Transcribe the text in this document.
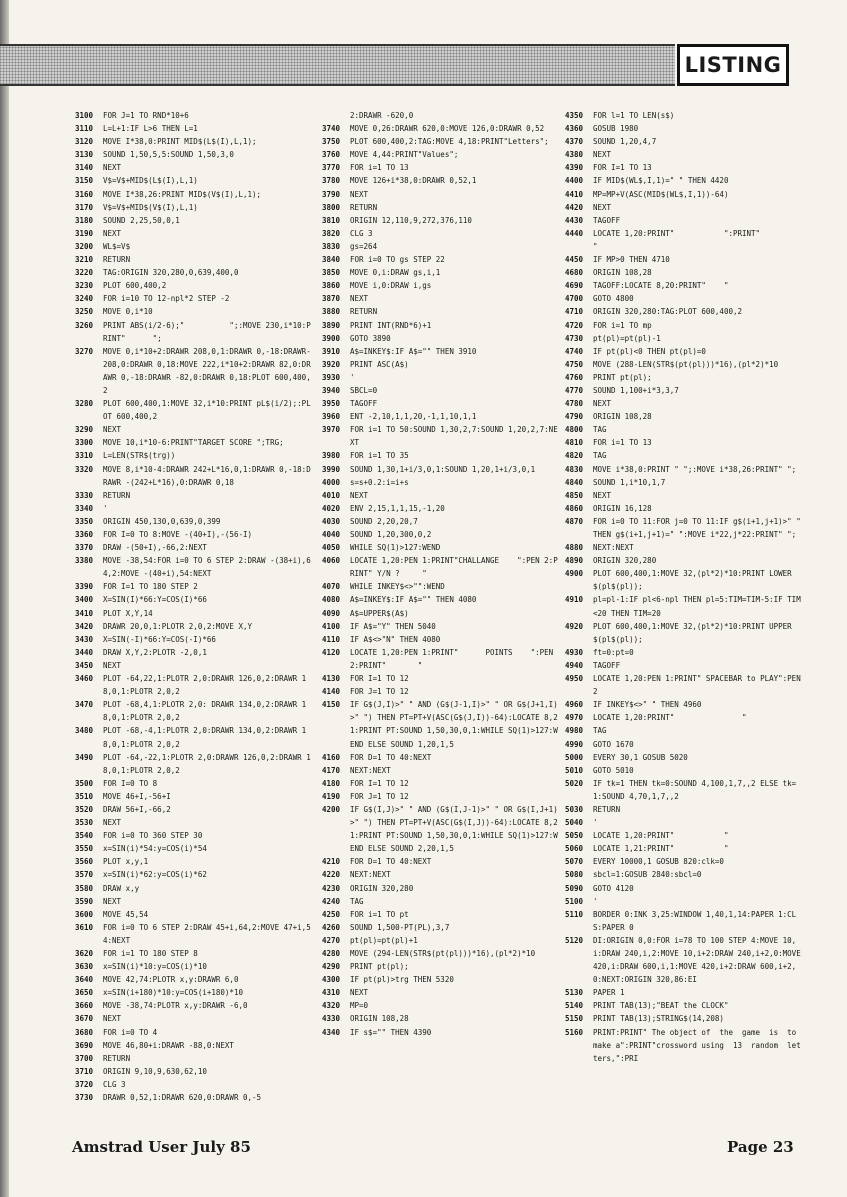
LISTING
3100	FOR J=1 TO RND*10+6
3110	L=L+1:IF L>6 THEN L=1
3120	MOVE I*38,0:PRINT MID$(L$(I),L,1);
3130	SOUND 1,50,5,5:SOUND 1,50,3,0
3140	NEXT
3150	V$=V$+MID$(L$(I),L,1)
3160	MOVE I*38,26:PRINT MID$(V$(I),L,1);
3170	V$=V$+MID$(V$(I),L,1)
3180	SOUND 2,25,50,0,1
3190	NEXT
3200	WL$=V$
3210	RETURN
3220	TAG:ORIGIN 320,280,0,639,400,0
3230	PLOT 600,400,2
3240	FOR i=10 TO 12-npl*2 STEP -2
3250	MOVE 0,i*10
3260	PRINT ABS(i/2-6);"          ";:MOVE 230,i*10:PRINT"      ";
3270	MOVE 0,i*10+2:DRAWR 208,0,1:DRAWR 0,-18:DRAWR-208,0:DRAWR 0,18:MOVE 222,i*10+2:DRAWR 82,0:DRAWR 0,-18:DRAWR -82,0:DRAWR 0,18:PLOT 600,400,2
3280	PLOT 600,400,1:MOVE 32,i*10:PRINT pL$(i/2);:PLOT 600,400,2
3290	NEXT
3300	MOVE 10,i*10-6:PRINT"TARGET SCORE ";TRG;
3310	L=LEN(STR$(trg))
3320	MOVE 8,i*10-4:DRAWR 242+L*16,0,1:DRAWR 0,-18:DRAWR -(242+L*16),0:DRAWR 0,18
3330	RETURN
3340	'
3350	ORIGIN 450,130,0,639,0,399
3360	FOR I=0 TO 8:MOVE -(40+I),-(56-I)
3370	DRAW -(50+I),-66,2:NEXT
3380	MOVE -38,54:FOR i=0 TO 6 STEP 2:DRAW -(38+i),64,2:MOVE -(40+i),54:NEXT
3390	FOR I=1 TO 180 STEP 2
3400	X=SIN(I)*66:Y=COS(I)*66
3410	PLOT X,Y,14
3420	DRAWR 20,0,1:PLOTR 2,0,2:MOVE X,Y
3430	X=SIN(-I)*66:Y=COS(-I)*66
3440	DRAW X,Y,2:PLOTR -2,0,1
3450	NEXT
3460	PLOT -64,22,1:PLOTR 2,0:DRAWR 126,0,2:DRAWR 18,0,1:PLOTR 2,0,2
3470	PLOT -68,4,1:PLOTR 2,0: DRAWR 134,0,2:DRAWR 18,0,1:PLOTR 2,0,2
3480	PLOT -68,-4,1:PLOTR 2,0:DRAWR 134,0,2:DRAWR 18,0,1:PLOTR 2,0,2
3490	PLOT -64,-22,1:PLOTR 2,0:DRAWR 126,0,2:DRAWR 18,0,1:PLOTR 2,0,2
3500	FOR I=0 TO 8
3510	MOVE 46+I,-56+I
3520	DRAW 56+I,-66,2
3530	NEXT
3540	FOR i=0 TO 360 STEP 30
3550	x=SIN(i)*54:y=COS(i)*54
3560	PLOT x,y,1
3570	x=SIN(i)*62:y=COS(i)*62
3580	DRAW x,y
3590	NEXT
3600	MOVE 45,54
3610	FOR i=0 TO 6 STEP 2:DRAW 45+i,64,2:MOVE 47+i,54:NEXT
3620	FOR i=1 TO 180 STEP 8
3630	x=SIN(i)*10:y=COS(i)*10
3640	MOVE 42,74:PLOTR x,y:DRAWR 6,0
3650	x=SIN(i+180)*10:y=COS(i+180)*10
3660	MOVE -38,74:PLOTR x,y:DRAWR -6,0
3670	NEXT
3680	FOR i=0 TO 4
3690	MOVE 46,80+i:DRAWR -88,0:NEXT
3700	RETURN
3710	ORIGIN 9,10,9,630,62,10
3720	CLG 3
3730	DRAWR 0,52,1:DRAWR 620,0:DRAWR 0,-5
2:DRAWR -620,0
3740	MOVE 0,26:DRAWR 620,0:MOVE 126,0:DRAWR 0,52
3750	PLOT 600,400,2:TAG:MOVE 4,18:PRINT"Letters";
3760	MOVE 4,44:PRINT"Values";
3770	FOR i=1 TO 13
3780	MOVE 126+i*38,0:DRAWR 0,52,1
3790	NEXT
3800	RETURN
3810	ORIGIN 12,110,9,272,376,110
3820	CLG 3
3830	gs=264
3840	FOR i=0 TO gs STEP 22
3850	MOVE 0,i:DRAW gs,i,1
3860	MOVE i,0:DRAW i,gs
3870	NEXT
3880	RETURN
3890	PRINT INT(RND*6)+1
3900	GOTO 3890
3910	A$=INKEY$:IF A$="" THEN 3910
3920	PRINT ASC(A$)
3930	'
3940	SBCL=0
3950	TAGOFF
3960	ENT -2,10,1,1,20,-1,1,10,1,1
3970	FOR i=1 TO 50:SOUND 1,30,2,7:SOUND 1,20,2,7:NEXT
3980	FOR i=1 TO 35
3990	SOUND 1,30,1+i/3,0,1:SOUND 1,20,1+i/3,0,1
4000	s=s+0.2:i=i+s
4010	NEXT
4020	ENV 2,15,1,1,15,-1,20
4030	SOUND 2,20,20,7
4040	SOUND 1,20,300,0,2
4050	WHILE SQ(1)>127:WEND
4060	LOCATE 1,20:PEN 1:PRINT"CHALLANGE    ":PEN 2:PRINT" Y/N ?     "
4070	WHILE INKEY$<>"":WEND
4080	A$=INKEY$:IF A$="" THEN 4080
4090	A$=UPPER$(A$)
4100	IF A$="Y" THEN 5040
4110	IF A$<>"N" THEN 4080
4120	LOCATE 1,20:PEN 1:PRINT"      POINTS    ":PEN 2:PRINT"       "
4130	FOR I=1 TO 12
4140	FOR J=1 TO 12
4150	IF G$(J,I)>" " AND (G$(J-1,I)>" " OR G$(J+1,I)>" ") THEN PT=PT+V(ASC(G$(J,I))-64):LOCATE 8,21:PRINT PT:SOUND 1,50,30,0,1:WHILE SQ(1)>127:WEND ELSE SOUND 1,20,1,5
4160	FOR D=1 TO 40:NEXT
4170	NEXT:NEXT
4180	FOR I=1 TO 12
4190	FOR J=1 TO 12
4200	IF G$(I,J)>" " AND (G$(I,J-1)>" " OR G$(I,J+1)>" ") THEN PT=PT+V(ASC(G$(I,J))-64):LOCATE 8,21:PRINT PT:SOUND 1,50,30,0,1:WHILE SQ(1)>127:WEND ELSE SOUND 2,20,1,5
4210	FOR D=1 TO 40:NEXT
4220	NEXT:NEXT
4230	ORIGIN 320,280
4240	TAG
4250	FOR i=1 TO pt
4260	SOUND 1,500-PT(PL),3,7
4270	pt(pl)=pt(pl)+1
4280	MOVE (294-LEN(STR$(pt(pl)))*16),(pl*2)*10
4290	PRINT pt(pl);
4300	IF pt(pl)>trg THEN 5320
4310	NEXT
4320	MP=0
4330	ORIGIN 108,28
4340	IF s$="" THEN 4390
4350	FOR l=1 TO LEN(s$)
4360	GOSUB 1980
4370	SOUND 1,20,4,7
4380	NEXT
4390	FOR I=1 TO 13
4400	IF MID$(WL$,I,1)=" " THEN 4420
4410	MP=MP+V(ASC(MID$(WL$,I,1))-64)
4420	NEXT
4430	TAGOFF
4440	LOCATE 1,20:PRINT"           ":PRINT"           "
4450	IF MP>0 THEN 4710
4680	ORIGIN 108,28
4690	TAGOFF:LOCATE 8,20:PRINT"    "
4700	GOTO 4800
4710	ORIGIN 320,280:TAG:PLOT 600,400,2
4720	FOR i=1 TO mp
4730	pt(pl)=pt(pl)-1
4740	IF pt(pl)<0 THEN pt(pl)=0
4750	MOVE (288-LEN(STR$(pt(pl)))*16),(pl*2)*10
4760	PRINT pt(pl);
4770	SOUND 1,100+i*3,3,7
4780	NEXT
4790	ORIGIN 108,28
4800	TAG
4810	FOR i=1 TO 13
4820	TAG
4830	MOVE i*38,0:PRINT " ";:MOVE i*38,26:PRINT" ";
4840	SOUND 1,i*10,1,7
4850	NEXT
4860	ORIGIN 16,128
4870	FOR i=0 TO 11:FOR j=0 TO 11:IF g$(i+1,j+1)>" " THEN g$(i+1,j+1)=" ":MOVE i*22,j*22:PRINT" ";
4880	NEXT:NEXT
4890	ORIGIN 320,280
4900	PLOT 600,400,1:MOVE 32,(pl*2)*10:PRINT LOWER$(pl$(pl));
4910	pl=pl-1:IF pl<6-npl THEN pl=5:TIM=TIM-5:IF TIM<20 THEN TIM=20
4920	PLOT 600,400,1:MOVE 32,(pl*2)*10:PRINT UPPER$(pl$(pl));
4930	ft=0:pt=0
4940	TAGOFF
4950	LOCATE 1,20:PEN 1:PRINT" SPACEBAR to PLAY":PEN 2
4960	IF INKEY$<>" " THEN 4960
4970	LOCATE 1,20:PRINT"               "
4980	TAG
4990	GOTO 1670
5000	EVERY 30,1 GOSUB 5020
5010	GOTO 5010
5020	IF tk=1 THEN tk=0:SOUND 4,100,1,7,,2 ELSE tk=1:SOUND 4,70,1,7,,2
5030	RETURN
5040	'
5050	LOCATE 1,20:PRINT"           "
5060	LOCATE 1,21:PRINT"           "
5070	EVERY 10000,1 GOSUB 820:clk=0
5080	sbcl=1:GOSUB 2840:sbcl=0
5090	GOTO 4120
5100	'
5110	BORDER 0:INK 3,25:WINDOW 1,40,1,14:PAPER 1:CLS:PAPER 0
5120	DI:ORIGIN 0,0:FOR i=78 TO 100 STEP 4:MOVE 10,i:DRAW 240,i,2:MOVE 10,i+2:DRAW 240,i+2,0:MOVE 420,i:DRAW 600,i,1:MOVE 420,i+2:DRAW 600,i+2,0:NEXT:ORIGIN 320,86:EI
5130	PAPER 1
5140	PRINT TAB(13);"BEAT the CLOCK"
5150	PRINT TAB(13);STRING$(14,208)
5160	PRINT:PRINT" The object of  the  game  is  to make a":PRINT"crossword using  13  random  letters,":PRI
Amstrad User July 85	Page 23
